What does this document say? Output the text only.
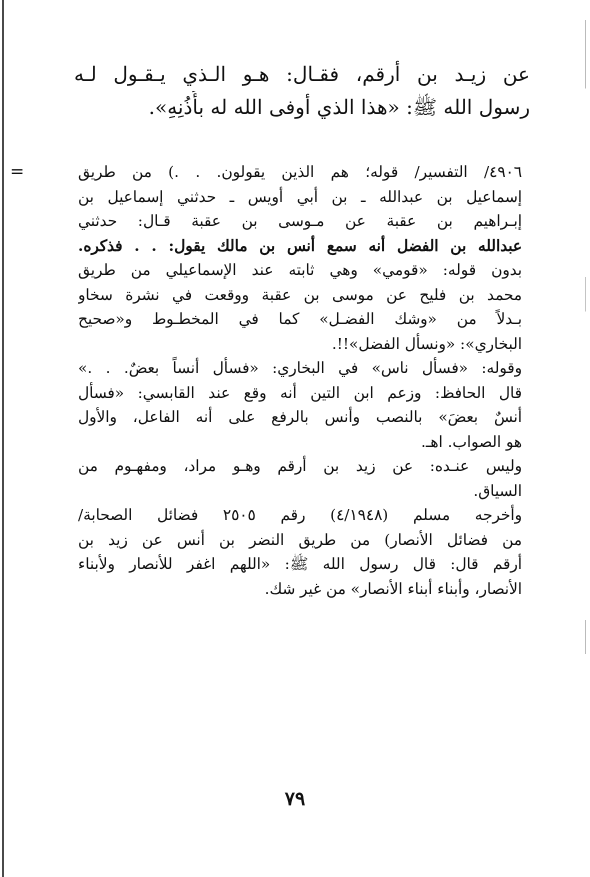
عن زيـد بن أرقم، فقـال: هـو الـذي يـقـول لـه
رسول الله ﷺ: «هذا الذي أوفى الله له بأُذُنِهِ».
=	٤٩٠٦/ التفسير/ قوله؛ هم الذين يقولون. . .) من طريق
إسماعيل بن عبدالله ـ بن أبي أويس ـ حدثني إسماعيل بن
إبـراهيم بن عقبة عن مـوسى بن عقبة قـال: حدثني
عبدالله بن الفضل أنه سمع أنس بن مالك يقول: . . فذكره.
بدون قوله: «قومي» وهي ثابته عند الإسماعيلي من طريق
محمد بن فليح عن موسى بن عقبة ووقعت في نشرة سخاو
بـدلاً من «وشك الفضـل» كما في المخطـوط و«صحيح
البخاري»: «ونسأل الفضل»!!.
وقوله: «فسأل ناس» في البخاري: «فسأل أنساً بعضٌ. . .»
قال الحافظ: وزعم ابن التين أنه وقع عند القابسي: «فسأل
أنسٌ بعضَ» بالنصب وأنس بالرفع على أنه الفاعل، والأول
هو الصواب. اهـ.
وليس عنـده: عن زيد بن أرقم وهـو مراد، ومفهـوم من
السياق.
وأخرجه مسلم (٤/١٩٤٨) رقم ٢٥٠٥ فضائل الصحابة/
من فضائل الأنصار) من طريق النضر بن أنس عن زيد بن
أرقم قال: قال رسول الله ﷺ: «اللهم اغفر للأنصار ولأبناء
الأنصار، وأبناء أبناء الأنصار» من غير شك.
٧٩
